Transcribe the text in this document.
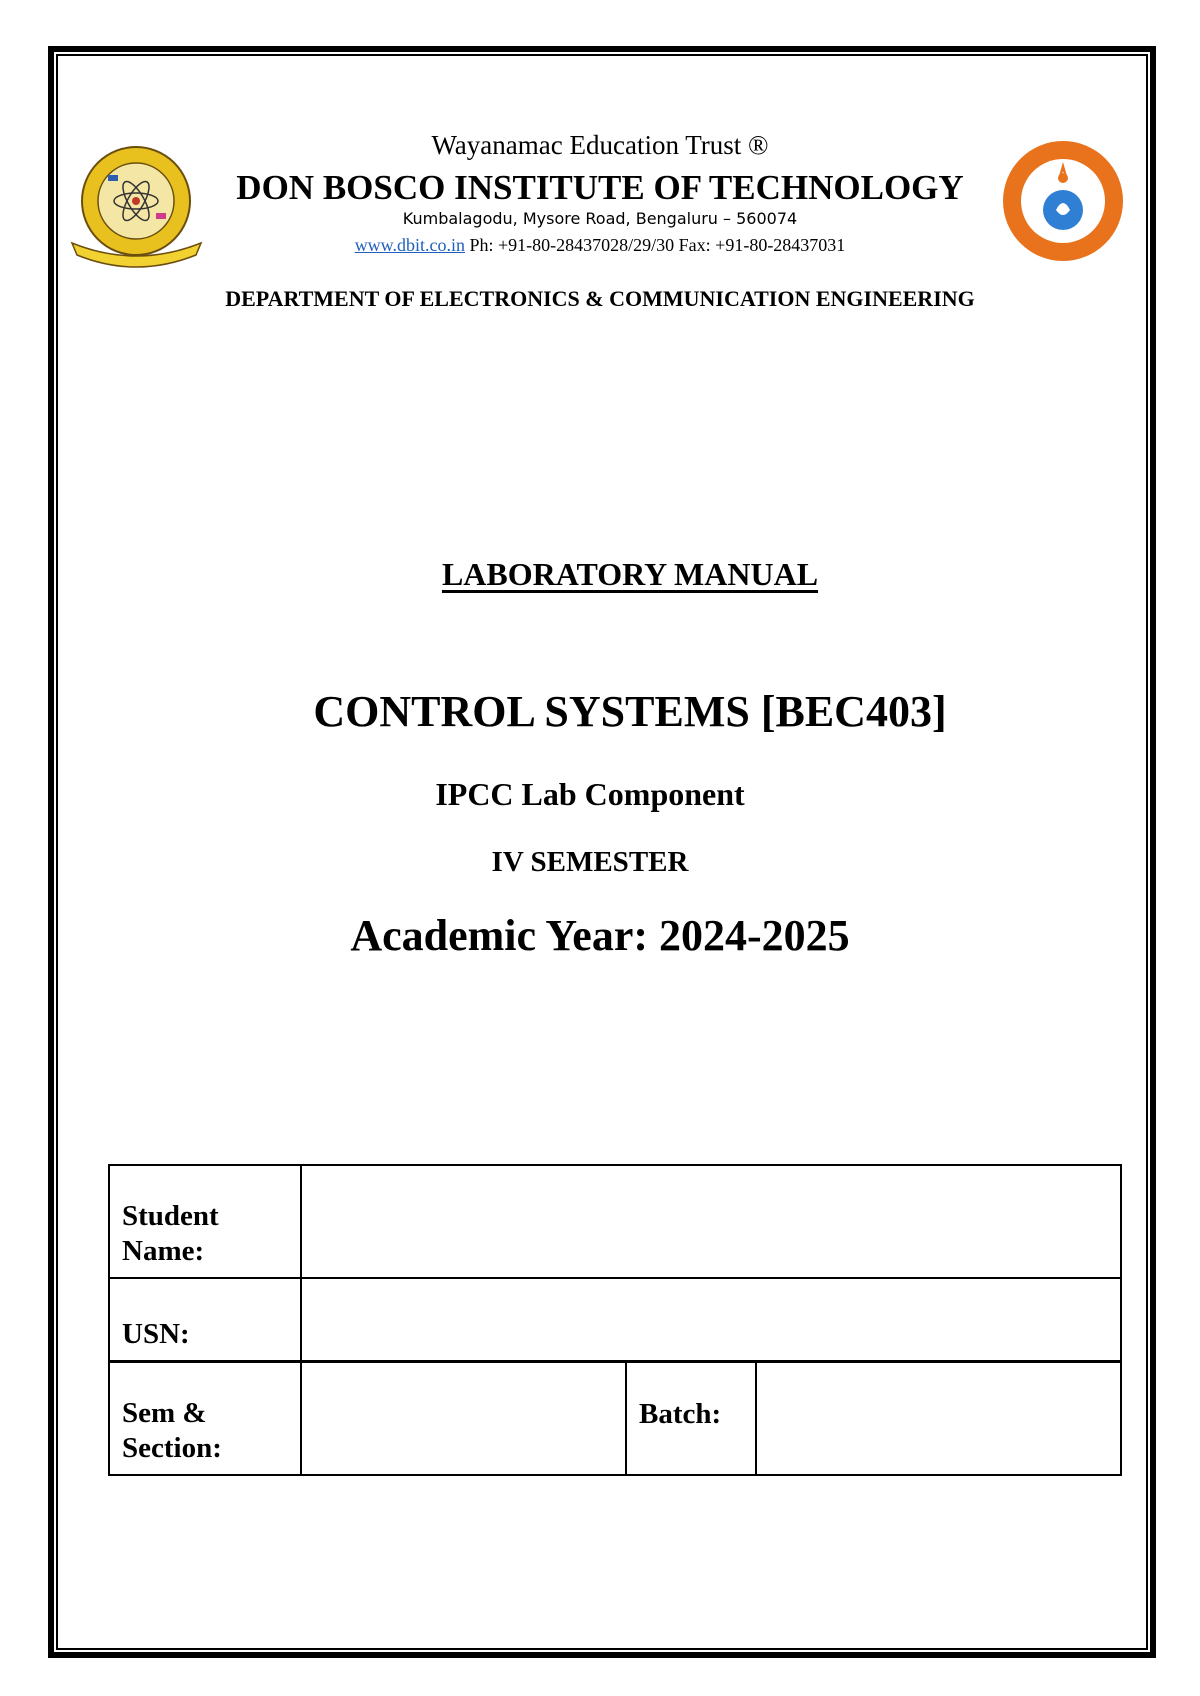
Wayanamac Education Trust ®
DON BOSCO INSTITUTE OF TECHNOLOGY
Kumbalagodu, Mysore Road, Bengaluru – 560074
www.dbit.co.in Ph: +91-80-28437028/29/30 Fax: +91-80-28437031
DEPARTMENT OF ELECTRONICS & COMMUNICATION ENGINEERING
LABORATORY MANUAL
CONTROL SYSTEMS [BEC403]
IPCC Lab Component
IV SEMESTER
Academic Year: 2024-2025
Student Name:			
USN:			
Sem & Section:		Batch:	
